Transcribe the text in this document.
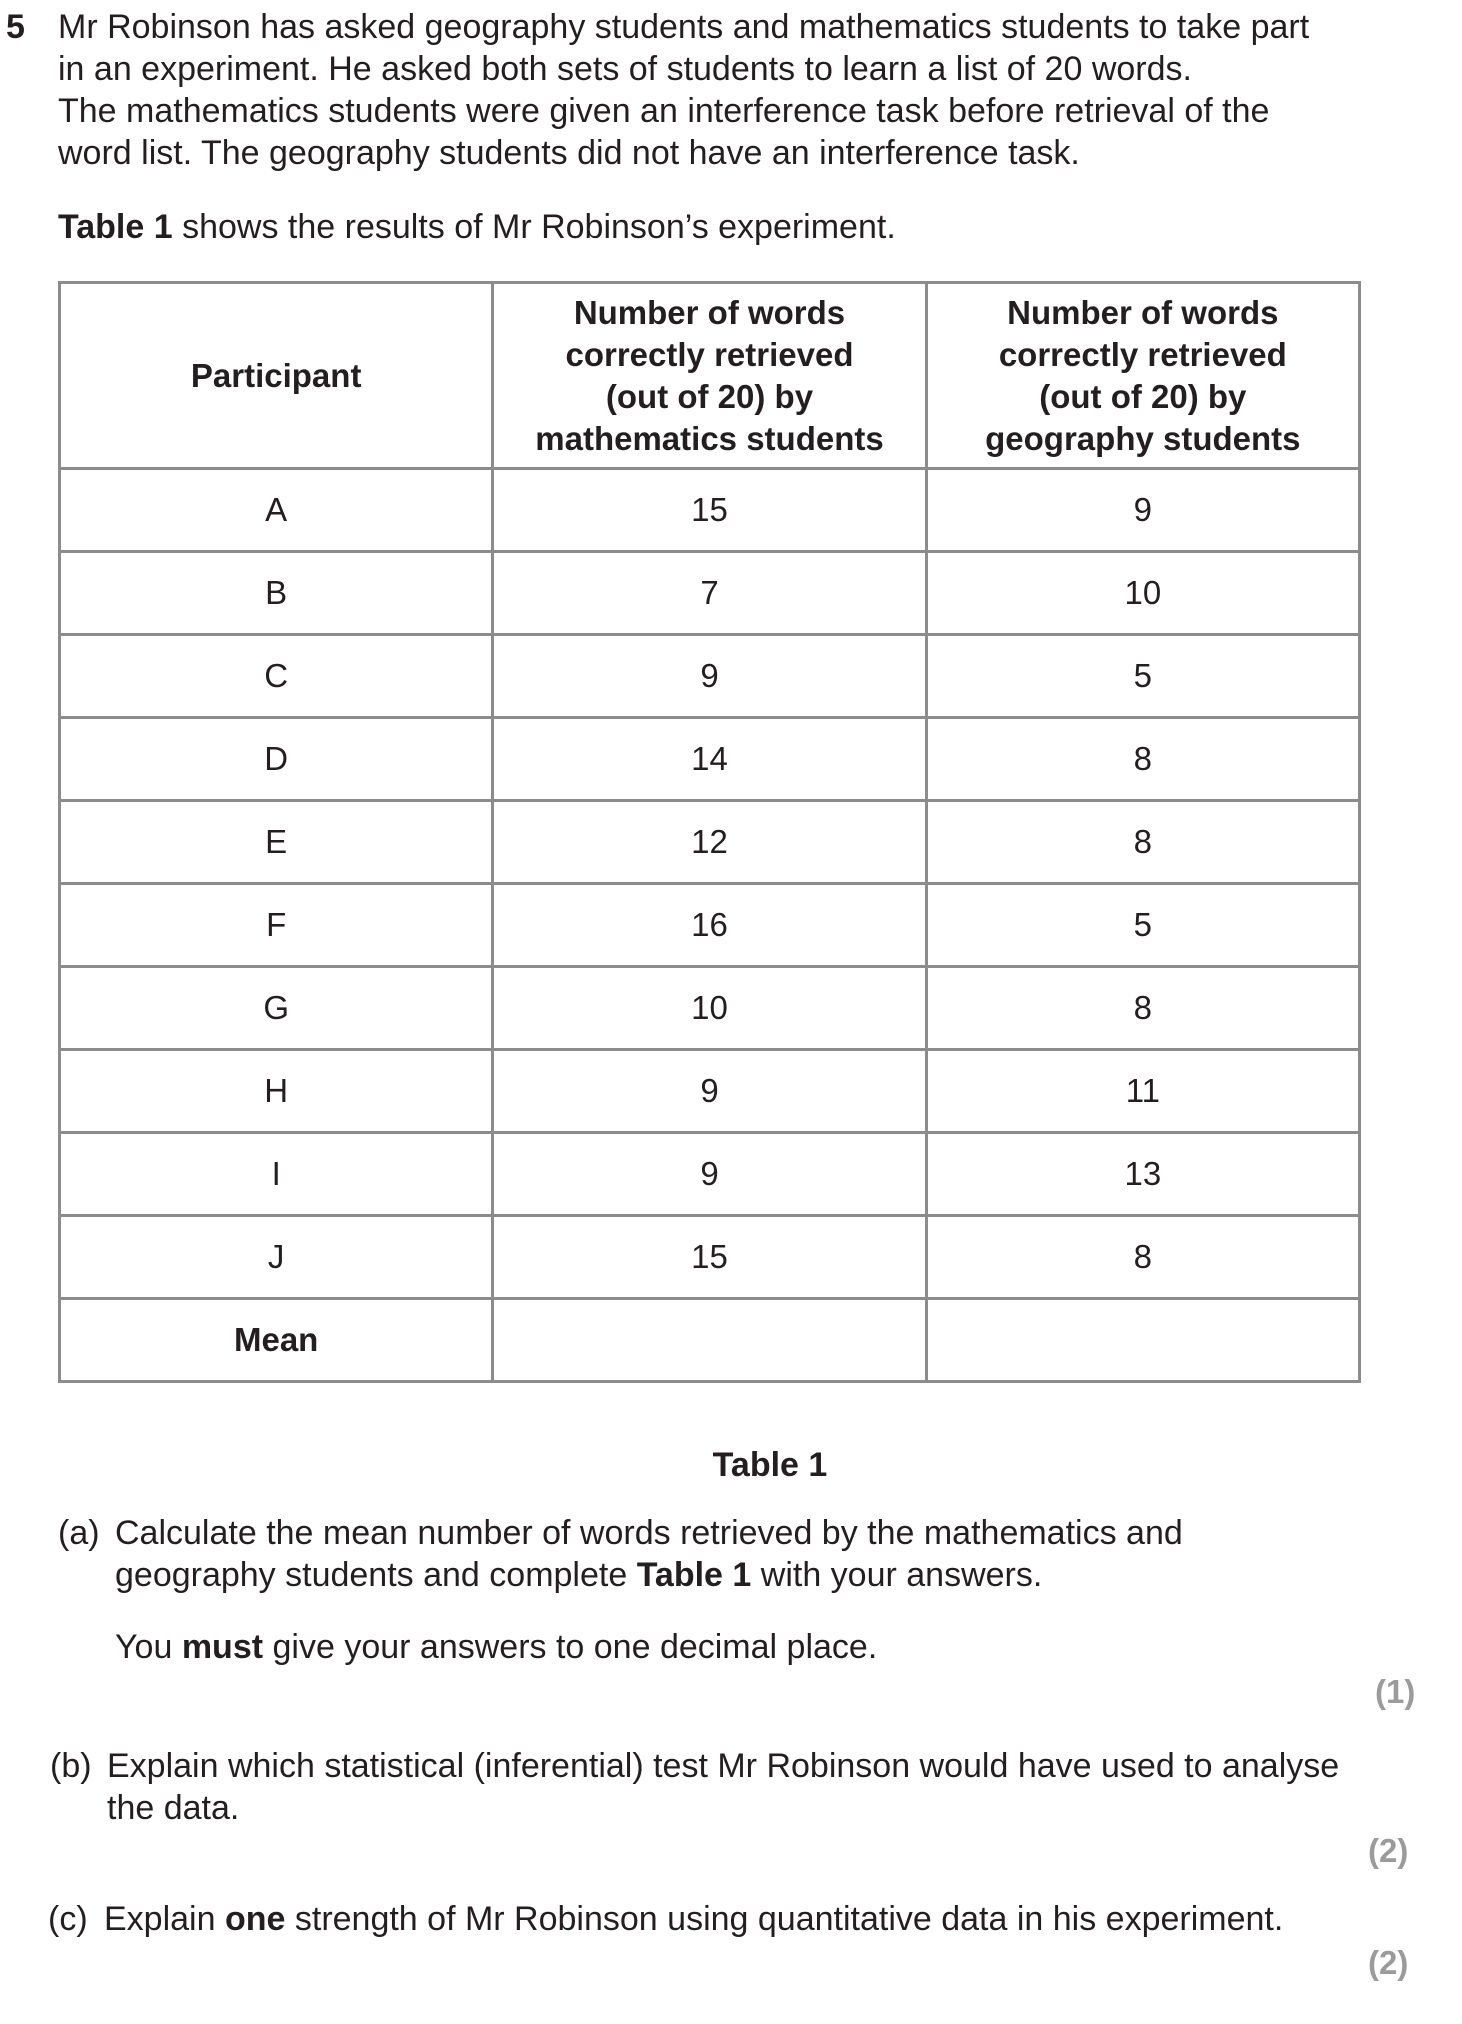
5 Mr Robinson has asked geography students and mathematics students to take part
in an experiment. He asked both sets of students to learn a list of 20 words.
The mathematics students were given an interference task before retrieval of the
word list. The geography students did not have an interference task.
Table 1 shows the results of Mr Robinson’s experiment.
Participant	Number of words
correctly retrieved
(out of 20) by
mathematics students	Number of words
correctly retrieved
(out of 20) by
geography students

A	15	9
B	7	10
C	9	5
D	14	8
E	12	8
F	16	5
G	10	8
H	9	11
I	9	13
J	15	8
Mean		
Table 1
(a) Calculate the mean number of words retrieved by the mathematics and
geography students and complete Table 1 with your answers.
You must give your answers to one decimal place.
(1)
(b) Explain which statistical (inferential) test Mr Robinson would have used to analyse
the data.
(2)
(c) Explain one strength of Mr Robinson using quantitative data in his experiment.
(2)
